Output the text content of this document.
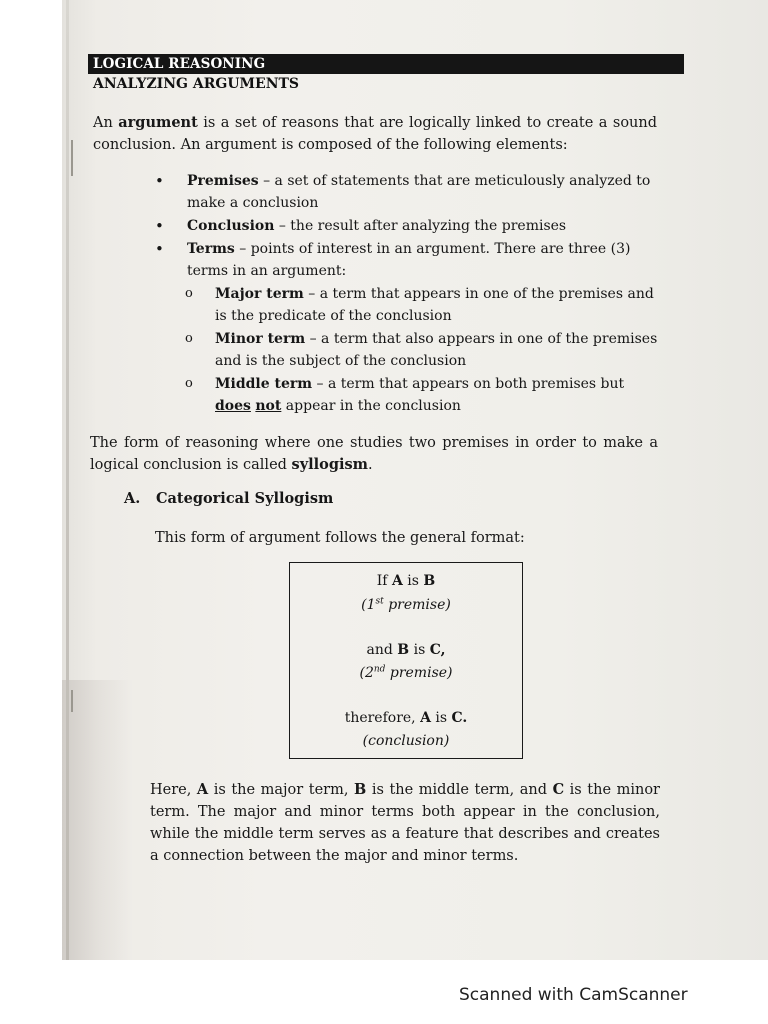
LOGICAL REASONING
ANALYZING ARGUMENTS
An argument is a set of reasons that are logically linked to create a sound conclusion. An argument is composed of the following elements:
• Premises – a set of statements that are meticulously analyzed to make a conclusion
• Conclusion – the result after analyzing the premises
• Terms – points of interest in an argument. There are three (3) terms in an argument:
o Major term – a term that appears in one of the premises and is the predicate of the conclusion
o Minor term – a term that also appears in one of the premises and is the subject of the conclusion
o Middle term – a term that appears on both premises but does not appear in the conclusion
The form of reasoning where one studies two premises in order to make a logical conclusion is called syllogism.
A. Categorical Syllogism
This form of argument follows the general format:
If A is B
(1st premise)
and B is C,
(2nd premise)
therefore, A is C.
(conclusion)
Here, A is the major term, B is the middle term, and C is the minor term. The major and minor terms both appear in the conclusion, while the middle term serves as a feature that describes and creates a connection between the major and minor terms.
Scanned with CamScanner
